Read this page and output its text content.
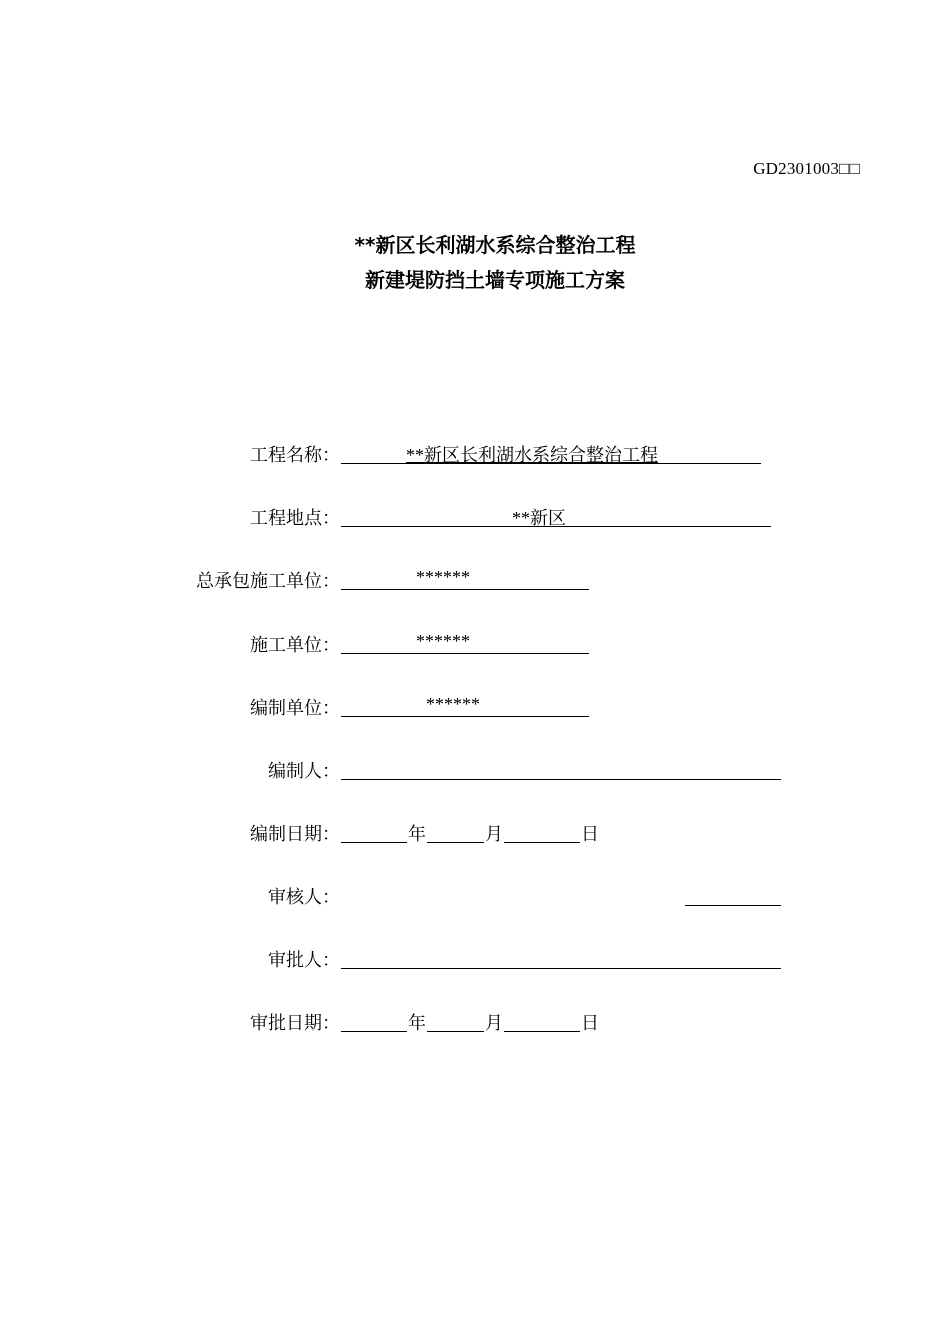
GD2301003□□
**新区长利湖水系综合整治工程
新建堤防挡土墙专项施工方案
工程名称：	**新区长利湖水系综合整治工程
工程地点：	**新区
总承包施工单位：	******
施工单位：	******
编制单位：	******
编制人：
编制日期：	年	月	日
审核人：
审批人：
审批日期：	年	月	日
